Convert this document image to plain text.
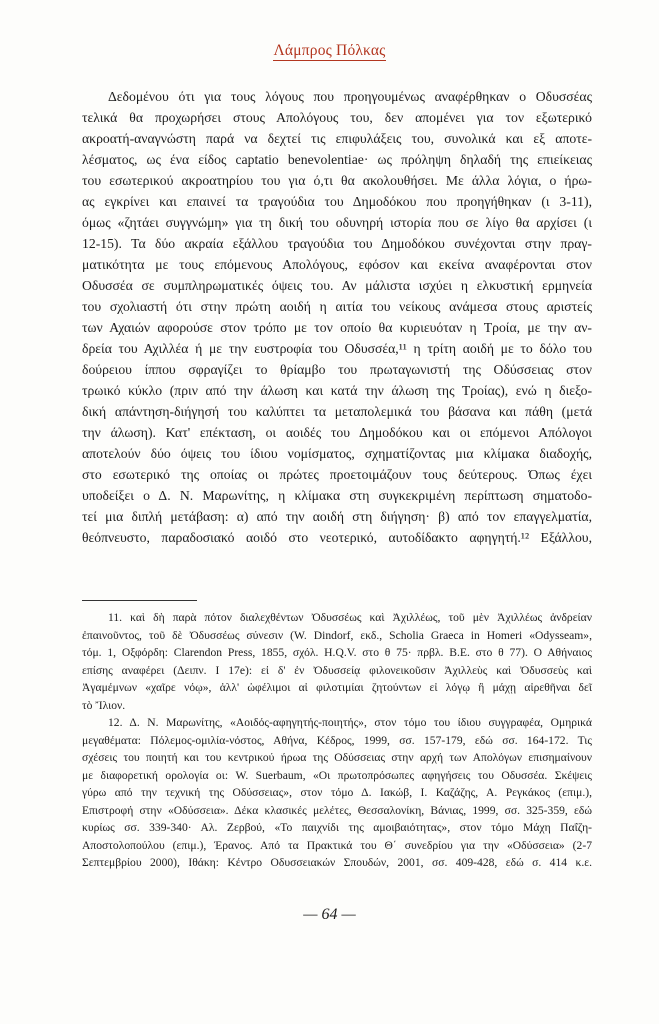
Λάμπρος Πόλκας
Δεδομένου ότι για τους λόγους που προηγουμένως αναφέρθηκαν ο Οδυσσέας
τελικά θα προχωρήσει στους Απολόγους του, δεν απομένει για τον εξωτερικό
ακροατή-αναγνώστη παρά να δεχτεί τις επιφυλάξεις του, συνολικά και εξ αποτε-
λέσματος, ως ένα είδος captatio benevolentiae· ως πρόληψη δηλαδή της επιείκειας
του εσωτερικού ακροατηρίου του για ό,τι θα ακολουθήσει. Με άλλα λόγια, ο ήρω-
ας εγκρίνει και επαινεί τα τραγούδια του Δημοδόκου που προηγήθηκαν (ι 3-11),
όμως «ζητάει συγγνώμη» για τη δική του οδυνηρή ιστορία που σε λίγο θα αρχίσει (ι
12-15). Τα δύο ακραία εξάλλου τραγούδια του Δημοδόκου συνέχονται στην πραγ-
ματικότητα με τους επόμενους Απολόγους, εφόσον και εκείνα αναφέρονται στον
Οδυσσέα σε συμπληρωματικές όψεις του. Αν μάλιστα ισχύει η ελκυστική ερμηνεία
του σχολιαστή ότι στην πρώτη αοιδή η αιτία του νείκους ανάμεσα στους αριστείς
των Αχαιών αφορούσε στον τρόπο με τον οποίο θα κυριευόταν η Τροία, με την αν-
δρεία του Αχιλλέα ή με την ευστροφία του Οδυσσέα,¹¹ η τρίτη αοιδή με το δόλο του
δούρειου ίππου σφραγίζει το θρίαμβο του πρωταγωνιστή της Οδύσσειας στον
τρωικό κύκλο (πριν από την άλωση και κατά την άλωση της Τροίας), ενώ η διεξο-
δική απάντηση-διήγησή του καλύπτει τα μεταπολεμικά του βάσανα και πάθη (μετά
την άλωση). Κατ' επέκταση, οι αοιδές του Δημοδόκου και οι επόμενοι Απόλογοι
αποτελούν δύο όψεις του ίδιου νομίσματος, σχηματίζοντας μια κλίμακα διαδοχής,
στο εσωτερικό της οποίας οι πρώτες προετοιμάζουν τους δεύτερους. Όπως έχει
υποδείξει ο Δ. Ν. Μαρωνίτης, η κλίμακα στη συγκεκριμένη περίπτωση σηματοδο-
τεί μια διπλή μετάβαση: α) από την αοιδή στη διήγηση· β) από τον επαγγελματία,
θεόπνευστο, παραδοσιακό αοιδό στο νεοτερικό, αυτοδίδακτο αφηγητή.¹² Εξάλλου,
11. καὶ δὴ παρὰ πότον διαλεχθέντων Ὀδυσσέως καὶ Ἀχιλλέως, τοῦ μὲν Ἀχιλλέως ἀνδρείαν
ἐπαινοῦντος, τοῦ δὲ Ὀδυσσέως σύνεσιν (W. Dindorf, εκδ., Scholia Graeca in Homeri «Odysseam»,
τόμ. 1, Οξφόρδη: Clarendon Press, 1855, σχόλ. H.Q.V. στο θ 75· πρβλ. B.E. στο θ 77). Ο Αθήναιος
επίσης αναφέρει (Δειπν. I 17e): εἰ δ' ἐν Ὀδυσσείᾳ φιλονεικοῦσιν Ἀχιλλεὺς καὶ Ὀδυσσεὺς καὶ
Ἀγαμέμνων «χαῖρε νόῳ», ἀλλ' ὠφέλιμοι αἱ φιλοτιμίαι ζητούντων εἰ λόγῳ ἢ μάχῃ αἱρεθῆναι δεῖ
τὸ Ἴλιον.
12. Δ. Ν. Μαρωνίτης, «Αοιδός-αφηγητής-ποιητής», στον τόμο του ίδιου συγγραφέα, Ομηρικά
μεγαθέματα: Πόλεμος-ομιλία-νόστος, Αθήνα, Κέδρος, 1999, σσ. 157-179, εδώ σσ. 164-172. Τις
σχέσεις του ποιητή και του κεντρικού ήρωα της Οδύσσειας στην αρχή των Απολόγων επισημαίνουν
με διαφορετική ορολογία οι: W. Suerbaum, «Οι πρωτοπρόσωπες αφηγήσεις του Οδυσσέα. Σκέψεις
γύρω από την τεχνική της Οδύσσειας», στον τόμο Δ. Ιακώβ, Ι. Καζάζης, Α. Ρεγκάκος (επιμ.),
Επιστροφή στην «Οδύσσεια». Δέκα κλασικές μελέτες, Θεσσαλονίκη, Βάνιας, 1999, σσ. 325-359, εδώ
κυρίως σσ. 339-340· Αλ. Ζερβού, «Το παιχνίδι της αμοιβαιότητας», στον τόμο Μάχη Παΐζη-
Αποστολοπούλου (επιμ.), Έρανος. Από τα Πρακτικά του Θ΄ συνεδρίου για την «Οδύσσεια» (2-7
Σεπτεμβρίου 2000), Ιθάκη: Κέντρο Οδυσσειακών Σπουδών, 2001, σσ. 409-428, εδώ σ. 414 κ.ε.
— 64 —
